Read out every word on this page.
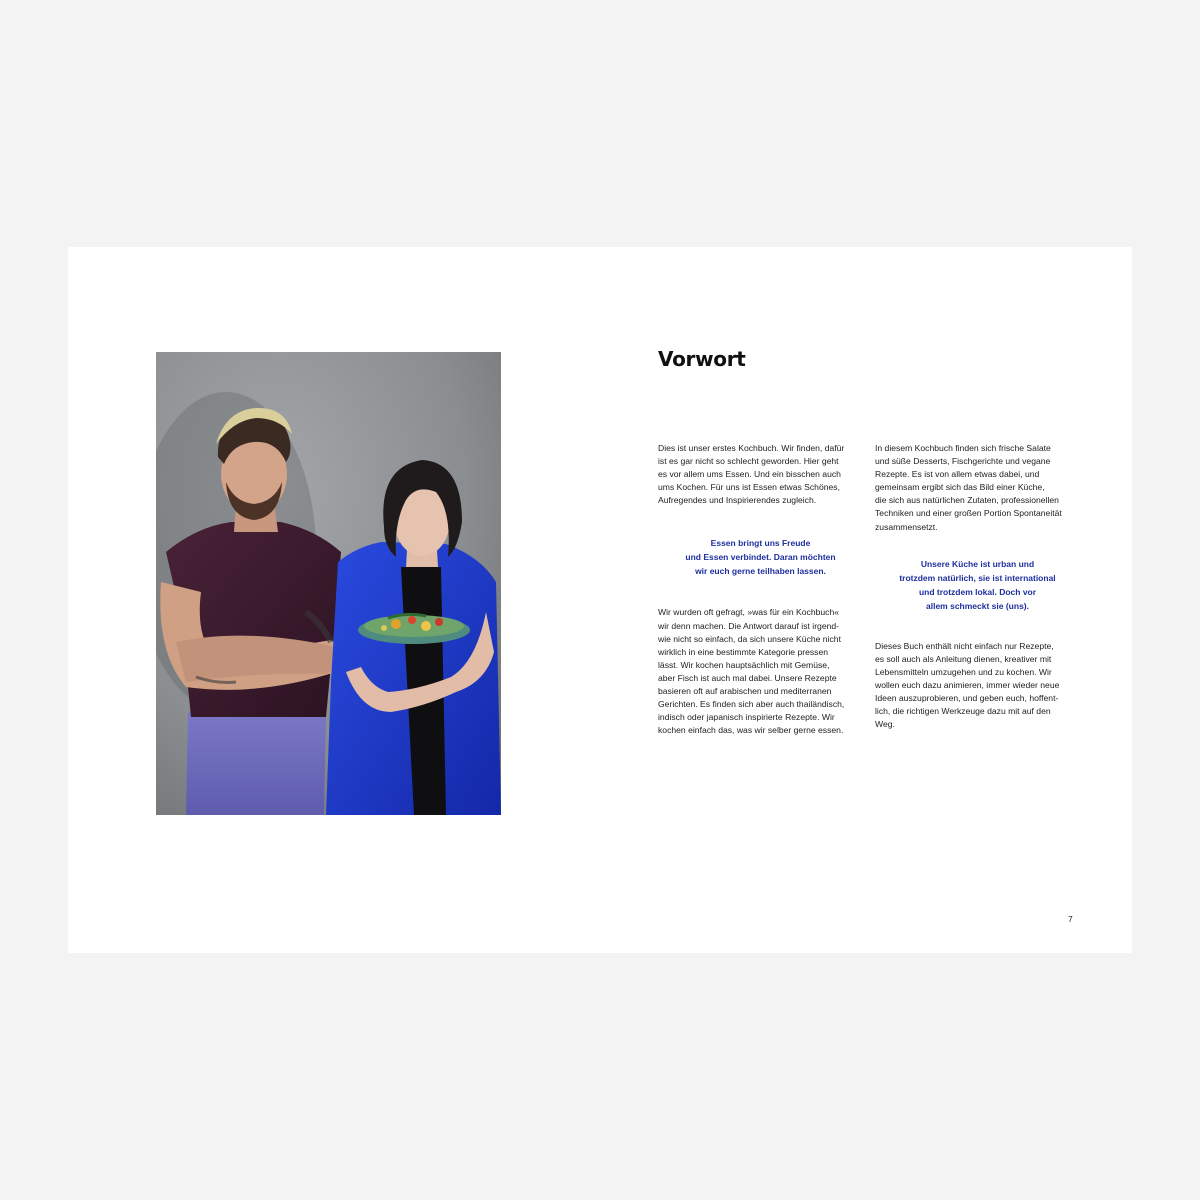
Vorwort

Dies ist unser erstes Kochbuch. Wir finden, dafür
ist es gar nicht so schlecht geworden. Hier geht
es vor allem ums Essen. Und ein bisschen auch
ums Kochen. Für uns ist Essen etwas Schönes,
Aufregendes und Inspirierendes zugleich.

Essen bringt uns Freude
und Essen verbindet. Daran möchten
wir euch gerne teilhaben lassen.

Wir wurden oft gefragt, »was für ein Kochbuch«
wir denn machen. Die Antwort darauf ist irgend-
wie nicht so einfach, da sich unsere Küche nicht
wirklich in eine bestimmte Kategorie pressen
lässt. Wir kochen hauptsächlich mit Gemüse,
aber Fisch ist auch mal dabei. Unsere Rezepte
basieren oft auf arabischen und mediterranen
Gerichten. Es finden sich aber auch thailändisch,
indisch oder japanisch inspirierte Rezepte. Wir
kochen einfach das, was wir selber gerne essen.

In diesem Kochbuch finden sich frische Salate
und süße Desserts, Fischgerichte und vegane
Rezepte. Es ist von allem etwas dabei, und
gemeinsam ergibt sich das Bild einer Küche,
die sich aus natürlichen Zutaten, professionellen
Techniken und einer großen Portion Spontaneität
zusammensetzt.

Unsere Küche ist urban und
trotzdem natürlich, sie ist international
und trotzdem lokal. Doch vor
allem schmeckt sie (uns).

Dieses Buch enthält nicht einfach nur Rezepte,
es soll auch als Anleitung dienen, kreativer mit
Lebensmitteln umzugehen und zu kochen. Wir
wollen euch dazu animieren, immer wieder neue
Ideen auszuprobieren, und geben euch, hoffent-
lich, die richtigen Werkzeuge dazu mit auf den
Weg.

7
